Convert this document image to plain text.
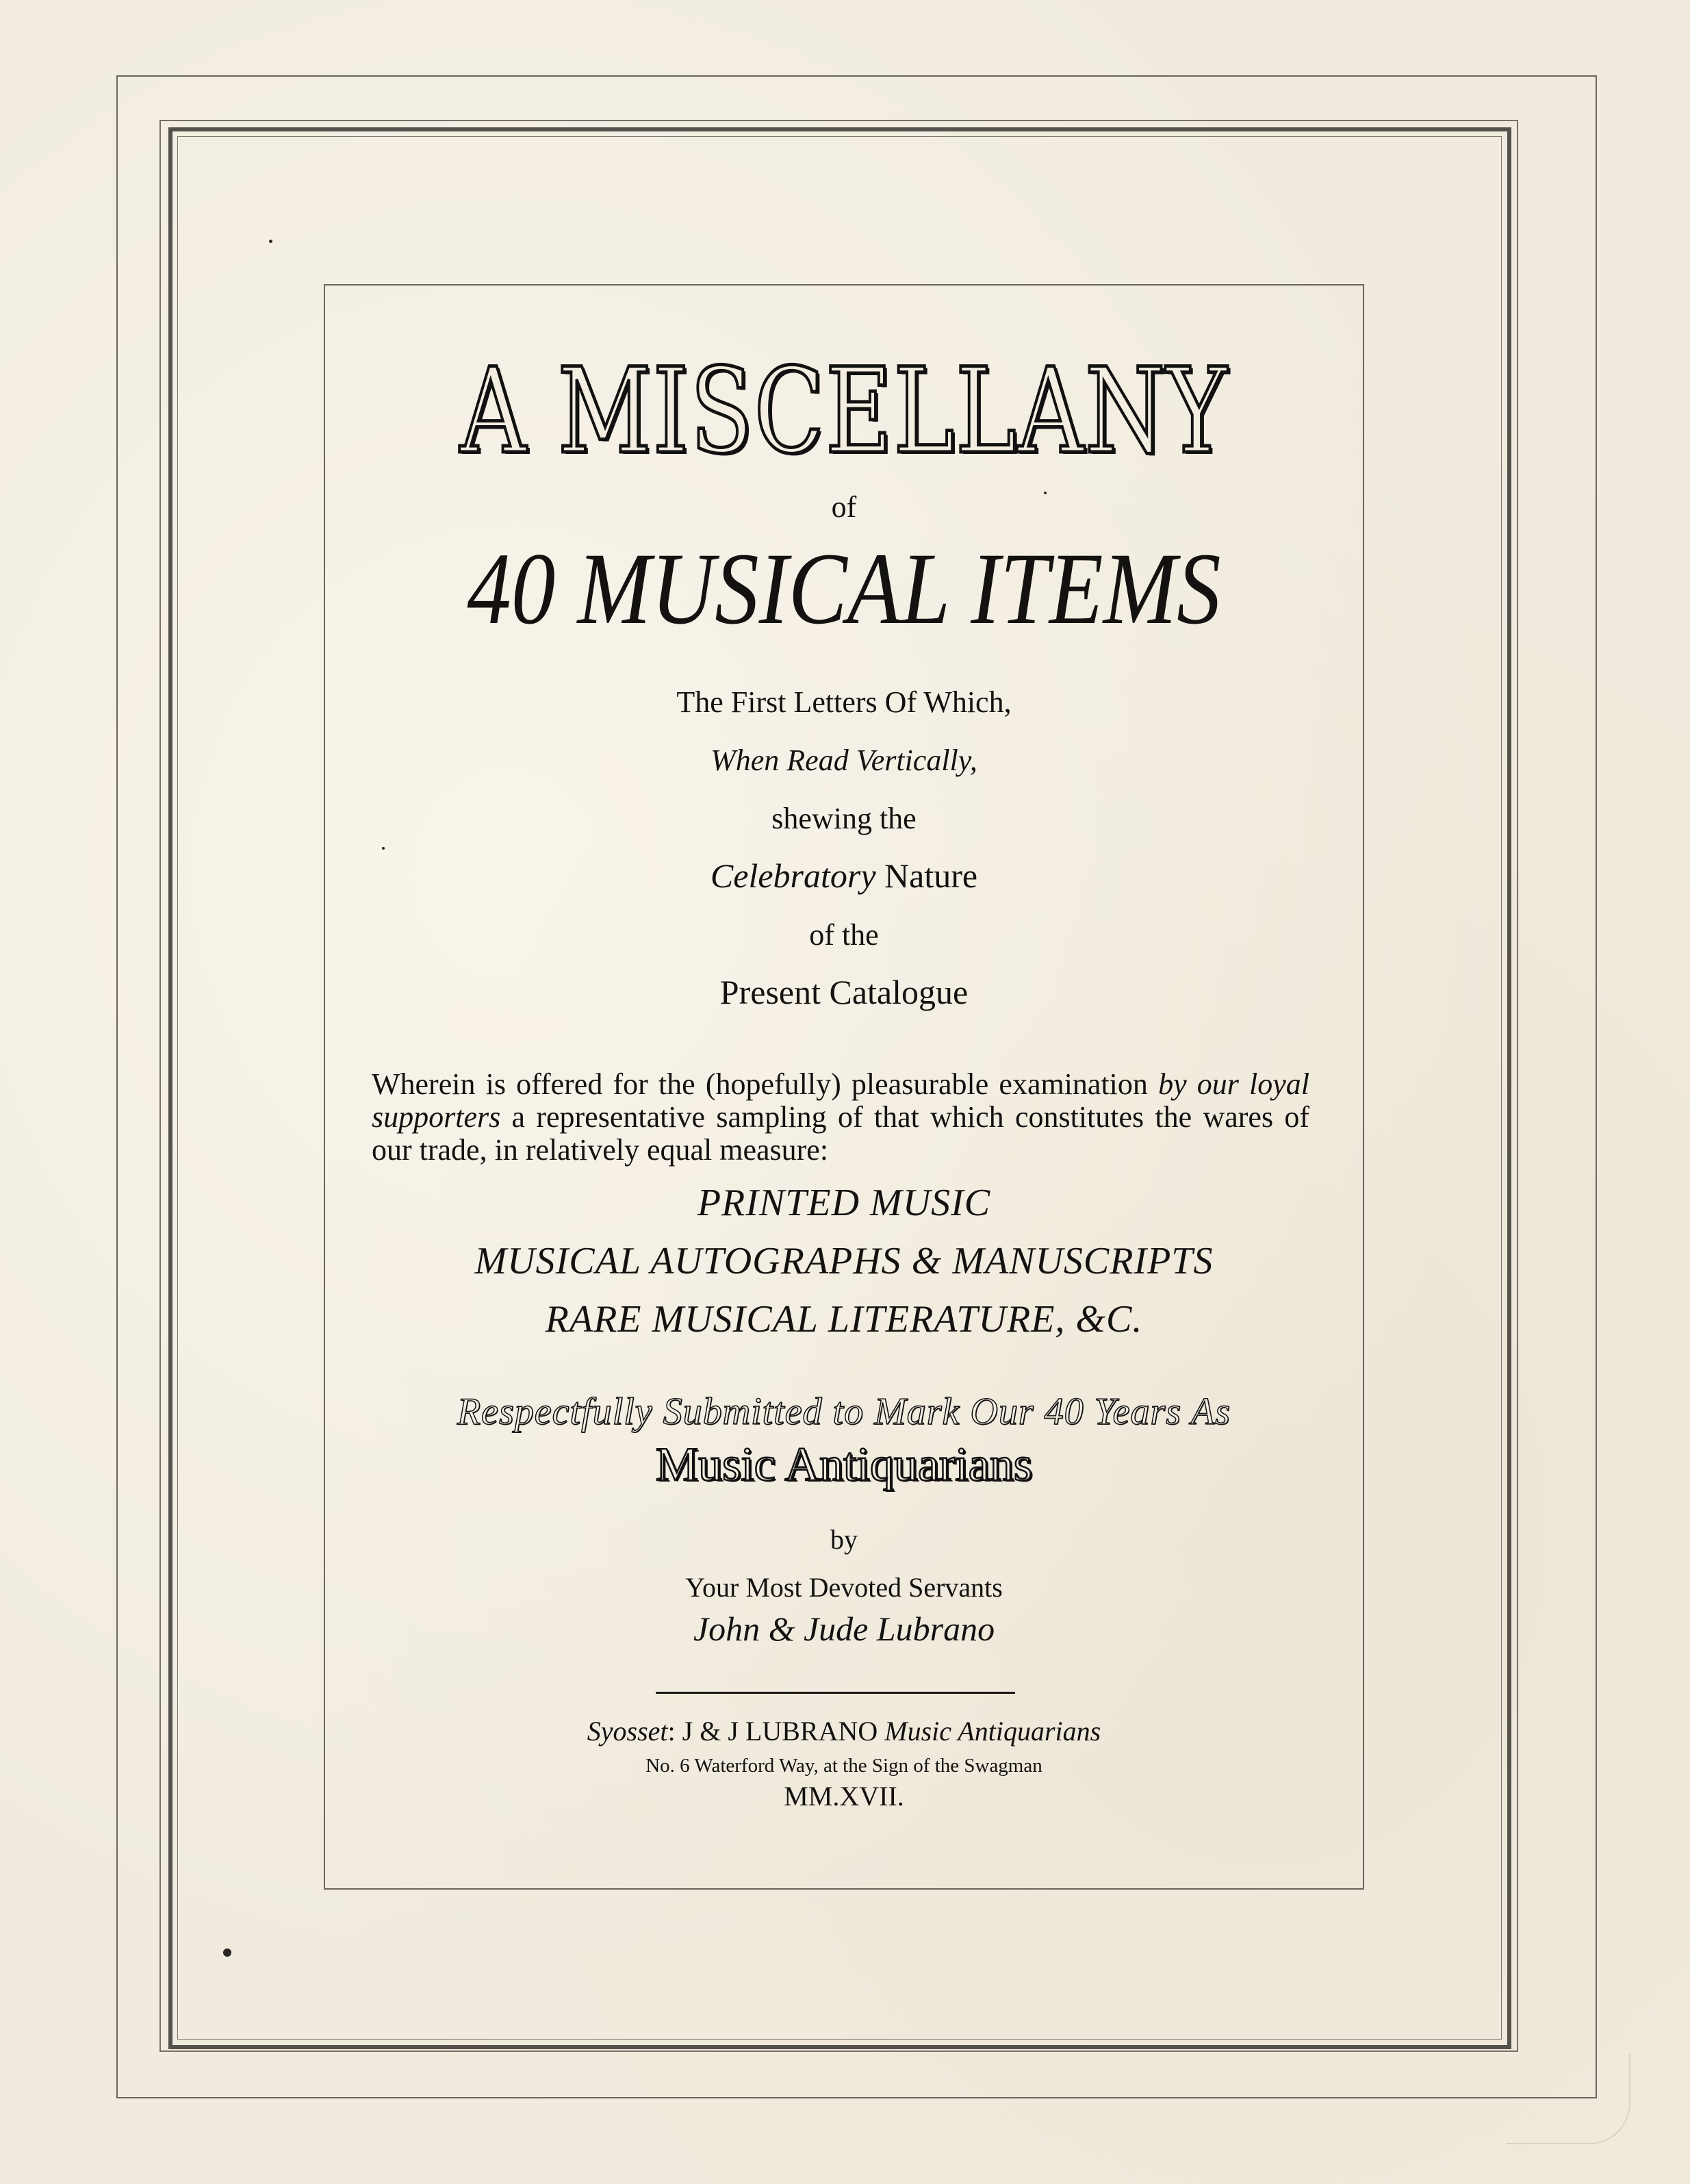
A MISCELLANY
of
40 MUSICAL ITEMS
The First Letters Of Which,
When Read Vertically,
shewing the
Celebratory Nature
of the
Present Catalogue
Wherein is offered for the (hopefully) pleasurable examination by our loyal supporters a representative sampling of that which constitutes the wares of our trade, in relatively equal measure:
PRINTED MUSIC
MUSICAL AUTOGRAPHS & MANUSCRIPTS
RARE MUSICAL LITERATURE, &C.
Respectfully Submitted to Mark Our 40 Years As
Music Antiquarians
by
Your Most Devoted Servants
John & Jude Lubrano
Syosset: J & J LUBRANO Music Antiquarians
No. 6 Waterford Way, at the Sign of the Swagman
MM.XVII.
